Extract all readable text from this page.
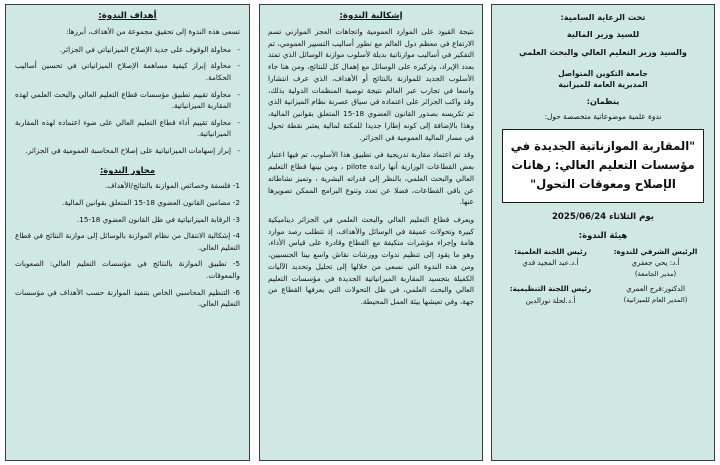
أهداف الندوة:
تسعى هذه الندوة إلى تحقيق مجموعة من الأهداف، أبرزها:
- محاولة الوقوف على جديد الإصلاح الميزانياتي في الجزائر.
- محاولة إبراز كيفية مساهمة الإصلاح الميزانياتي في تحسين أساليب الحكامة.
- محاولة تقييم تطبيق مؤسسات قطاع التعليم العالي والبحث العلمي لهذه المقاربة الميزانياتية.
- محاولة تقييم أداء قطاع التعليم العالي على ضوء اعتماده لهذه المقاربة الميزانياتية.
- إبراز إسهامات الميزانياتية على إصلاح المحاسبة العمومية في الجزائر.
محاور الندوة:
1- فلسفة وخصائص الموازنة بالنتائج/الأهداف.
2- مضامين القانون العضوي 18-15 المتعلق بقوانين المالية.
3- الرقابة الميزانياتية في ظل القانون العضوي 18-15.
4- إشكالية الانتقال من نظام الموازنة بالوسائل إلى موازنة النتائج في قطاع التعليم العالي.
5- تطبيق الموازنة بالنتائج في مؤسسات التعليم العالي: الصعوبات والمعوقات.
6- التنظيم المحاسبي الخاص بتنفيذ الموازنة حسب الأهداف في مؤسسات التعليم العالي.
إشكالية الندوة:

نتيجة القيود على الموارد العمومية واتجاهات العجز الموازني تسم الارتفاع في معظم دول العالم مع تطور أساليب التسيير العمومي، تم التفكير في أساليب موازناتية بديلة لأسلوب موازنة الوسائل الذي تمتد بعدد الإيراد، وتركيزه على الوسائل مع إهمال كل للنتائج، ومن هنا جاء الأسلوب الجديد للموازنة بالنتائج أو الأهداف، الذي عرف انتشارا واسعا في تجارب عبر العالم نتيجة توصية المنظمات الدولية بذلك، وقد واكب الجزائر على اعتماده في سياق عصرنة نظام الميزانية الذي تم تكريسه بصدور القانون العضوي 18-15 المتعلق بقوانين المالية، وهذا بالإضافة إلى كونه إطارا جديدا للمكنة لمالية يعتبر نقطة تحول في مسار المالية العمومية في الجزائر.

وقد تم اعتماد مقاربة تدريجية في تطبيق هذا الأسلوب، تم فيها اعتبار بعض القطاعات الوزارية أنها رائدة pilote ، ومن بينها قطاع التعليم العالي والبحث العلمي، بالنظر إلى قدراته البشرية ، وتميز نشاطاته عن باقي القطاعات، فضلا عن تعدد وتنوع البرامج الممكن تصويرها عنها.

ويعرف قطاع التعليم العالي والبحث العلمي في الجزائر ديناميكية كبيرة وتحولات عميقة في الوسائل والأهداف، إذ تتطلب رصد موارد هامة وإجراء مؤشرات متكيفة مع القطاع وقادرة على قياس الأداء، وهو ما يقود إلى تنظيم ندوات وورشات نقاش واسع بينا الجنسيين، ومن هذه الندوة التي نسعى من خلالها إلى تحليل وتحديد الآليات الكفيلة بتجسيد المقاربة الميزانياتية الجديدة في مؤسسات التعليم العالي والبحث العلمي، في ظل التحولات التي يعرفها القطاع من جهة، وفي تعيشها بيئة العمل المحيطة.

تحت الرعاية السامية:
للسيد وزير المالية
والسيد وزير التعليم العالي والبحث العلمي
جامعة التكوين المتواصل
المديرية العامة للميزانية
ينظمان:
ندوة علمية موضوعاتية متخصصة حول:
"المقاربة الموازناتية الجديدة في مؤسسات التعليم العالي: رهانات الإصلاح ومعوقات التحول"
يوم الثلاثاء 2025/06/24
هيئة الندوة:
الرئيس الشرفي للندوة:
أ.د: يحي جعفري
(مدير الجامعة)
رئيس اللجنة العلمية:
أ.د.عبد المجيد قدي
الدكتور:فرج العمري
(المدير العام للميزانية)
رئيس اللجنة التنظيمية:
أ.د.لحلة نورالدين
